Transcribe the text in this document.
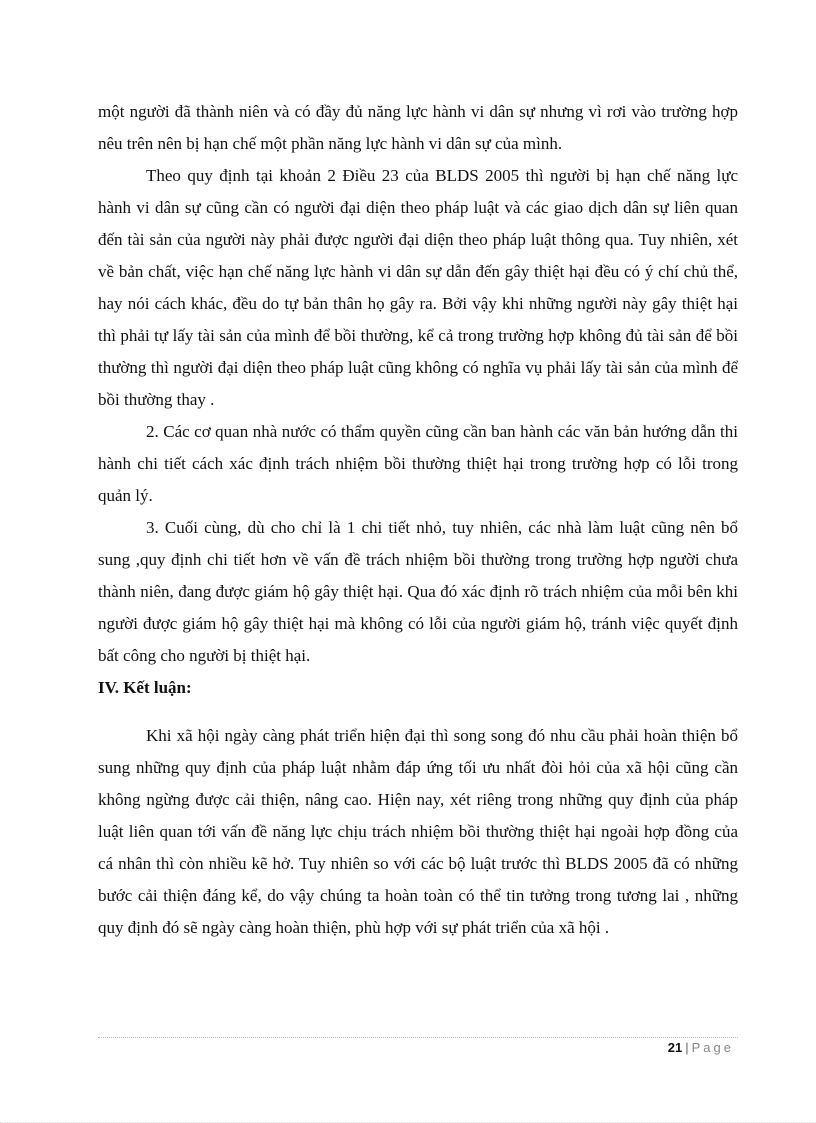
một người đã thành niên và có đầy đủ năng lực hành vi dân sự nhưng vì rơi vào trường hợp nêu trên nên bị hạn chế một phần năng lực hành vi dân sự của mình.

Theo quy định tại khoản 2 Điều 23 của BLDS 2005 thì người bị hạn chế năng lực hành vi dân sự cũng cần có người đại diện theo pháp luật và các giao dịch dân sự liên quan đến tài sản của người này phải được người đại diện theo pháp luật thông qua. Tuy nhiên, xét về bản chất, việc hạn chế năng lực hành vi dân sự dẫn đến gây thiệt hại đều có ý chí chủ thể, hay nói cách khác, đều do tự bản thân họ gây ra. Bởi vậy khi những người này gây thiệt hại thì phải tự lấy tài sản của mình để bồi thường, kể cả trong trường hợp không đủ tài sản để bồi thường thì người đại diện theo pháp luật cũng không có nghĩa vụ phải lấy tài sản của mình để bồi thường thay .

2. Các cơ quan nhà nước có thẩm quyền cũng cần ban hành các văn bản hướng dẫn thi hành chi tiết cách xác định trách nhiệm bồi thường thiệt hại trong trường hợp có lỗi trong quản lý.

3. Cuối cùng, dù cho chỉ là 1 chi tiết nhỏ, tuy nhiên, các nhà làm luật cũng nên bổ sung ,quy định chi tiết hơn về vấn đề trách nhiệm bồi thường trong trường hợp người chưa thành niên, đang được giám hộ gây thiệt hại. Qua đó xác định rõ trách nhiệm của mỗi bên khi người được giám hộ gây thiệt hại mà không có lỗi của người giám hộ, tránh việc quyết định bất công cho người bị thiệt hại.

IV. Kết luận:

Khi xã hội ngày càng phát triển hiện đại thì song song đó nhu cầu phải hoàn thiện bổ sung những quy định của pháp luật nhằm đáp ứng tối ưu nhất đòi hỏi của xã hội cũng cần không ngừng được cải thiện, nâng cao. Hiện nay, xét riêng trong những quy định của pháp luật liên quan tới vấn đề năng lực chịu trách nhiệm bồi thường thiệt hại ngoài hợp đồng của cá nhân thì còn nhiều kẽ hở. Tuy nhiên so với các bộ luật trước thì BLDS 2005 đã có những bước cải thiện đáng kể, do vậy chúng ta hoàn toàn có thể tin tưởng trong tương lai , những quy định đó sẽ ngày càng hoàn thiện, phù hợp với sự phát triển của xã hội .

21 | Page
